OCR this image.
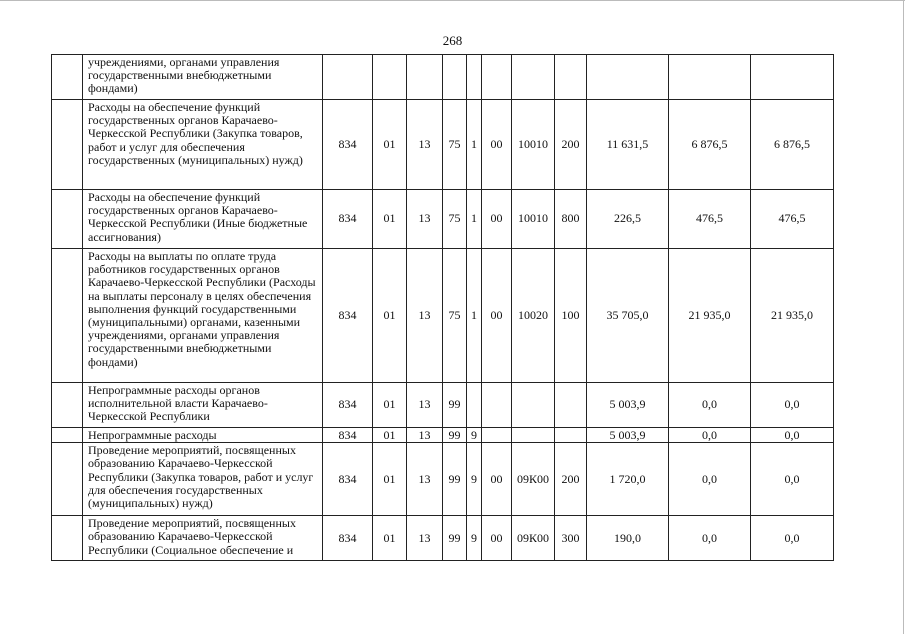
268
	учреждениями, органами управления государственными внебюджетными фондами)											
	Расходы на обеспечение функций государственных органов Карачаево-Черкесской Республики (Закупка товаров, работ и услуг для обеспечения государственных (муниципальных) нужд)	834	01	13	75	1	00	10010	200	11 631,5	6 876,5	6 876,5
	Расходы на обеспечение функций государственных органов Карачаево-Черкесской Республики (Иные бюджетные ассигнования)	834	01	13	75	1	00	10010	800	226,5	476,5	476,5
	Расходы на выплаты по оплате труда работников государственных органов Карачаево-Черкесской Республики (Расходы на выплаты персоналу в целях обеспечения выполнения функций государственными (муниципальными) органами, казенными учреждениями, органами управления государственными внебюджетными фондами)	834	01	13	75	1	00	10020	100	35 705,0	21 935,0	21 935,0
	Непрограммные расходы органов исполнительной власти Карачаево-Черкесской Республики	834	01	13	99					5 003,9	0,0	0,0
	Непрограммные расходы	834	01	13	99	9				5 003,9	0,0	0,0
	Проведение мероприятий, посвященных образованию Карачаево-Черкесской Республики (Закупка товаров, работ и услуг для обеспечения государственных (муниципальных) нужд)	834	01	13	99	9	00	09К00	200	1 720,0	0,0	0,0
	Проведение мероприятий, посвященных образованию Карачаево-Черкесской Республики (Социальное обеспечение и	834	01	13	99	9	00	09К00	300	190,0	0,0	0,0
